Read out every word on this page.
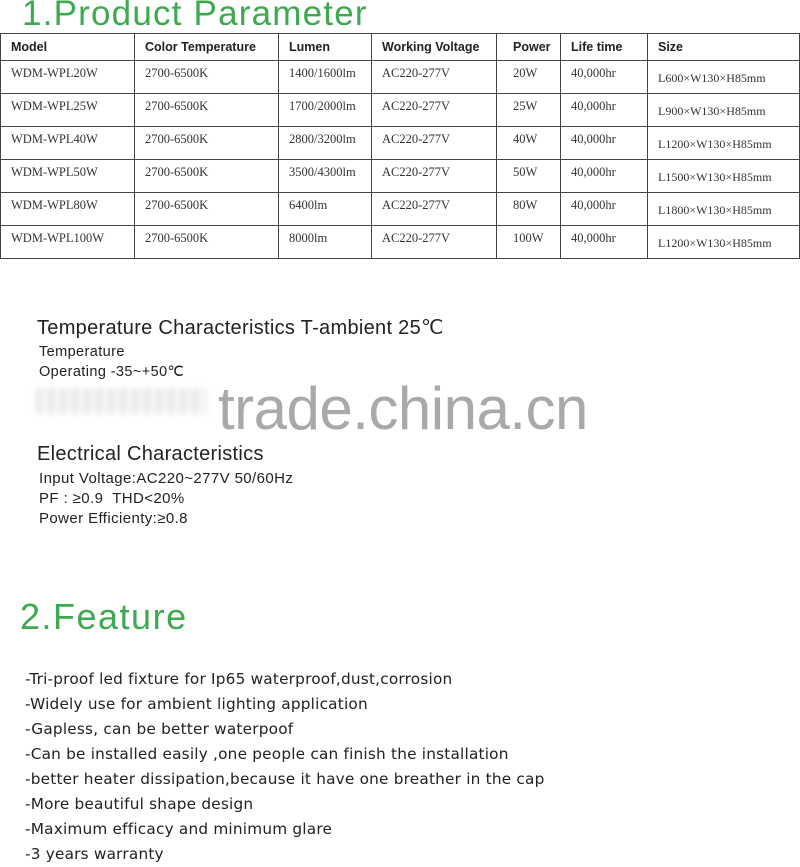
1.Product Parameter
Model	Color Temperature	Lumen	Working Voltage	Power	Life time	Size
WDM-WPL20W	2700-6500K	1400/1600lm	AC220-277V	20W	40,000hr	L600×W130×H85mm
WDM-WPL25W	2700-6500K	1700/2000lm	AC220-277V	25W	40,000hr	L900×W130×H85mm
WDM-WPL40W	2700-6500K	2800/3200lm	AC220-277V	40W	40,000hr	L1200×W130×H85mm
WDM-WPL50W	2700-6500K	3500/4300lm	AC220-277V	50W	40,000hr	L1500×W130×H85mm
WDM-WPL80W	2700-6500K	6400lm	AC220-277V	80W	40,000hr	L1800×W130×H85mm
WDM-WPL100W	2700-6500K	8000lm	AC220-277V	100W	40,000hr	L1200×W130×H85mm
Temperature Characteristics T-ambient 25℃
Temperature
Operating -35~+50℃
trade.china.cn
Electrical Characteristics
Input Voltage:AC220~277V 50/60Hz
PF : ≥0.9  THD<20%
Power Efficienty:≥0.8
2.Feature
-Tri-proof led fixture for Ip65 waterproof,dust,corrosion
-Widely use for ambient lighting application
-Gapless, can be better waterpoof
-Can be installed easily ,one people can finish the installation
-better heater dissipation,because it have one breather in the cap
-More beautiful shape design
-Maximum efficacy and minimum glare
-3 years warranty
